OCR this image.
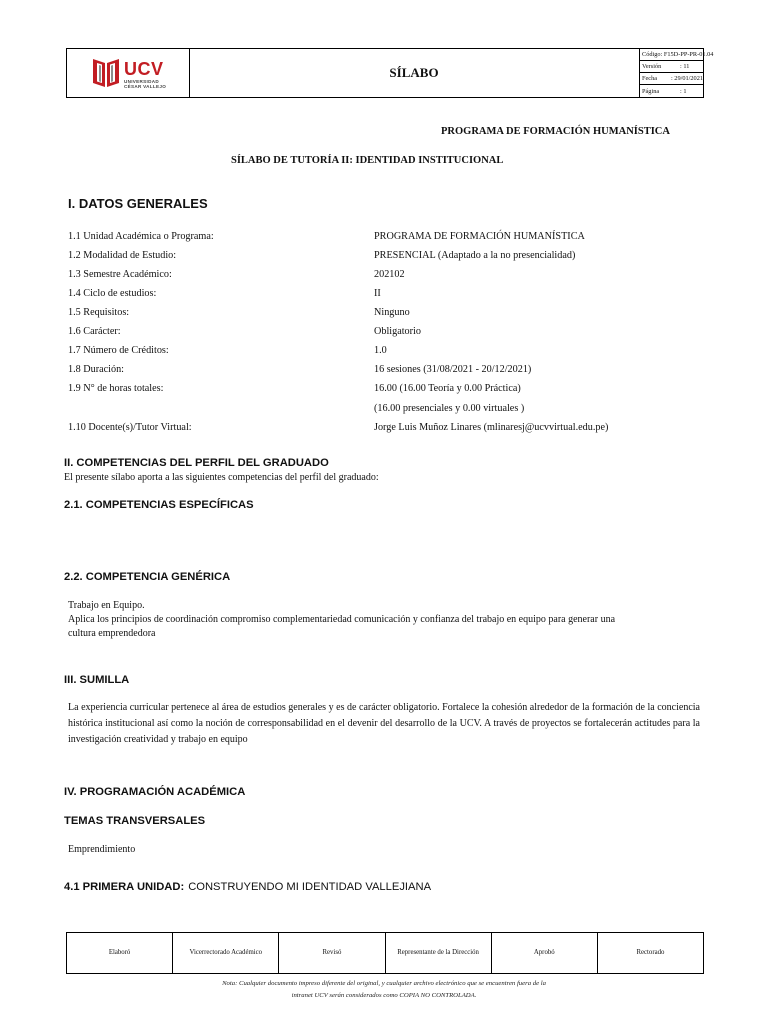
UCV
UNIVERSIDAD
CÉSAR VALLEJO
SÍLABO
Código : F15D-PP-PR-01.04
Versión	: 11
Fecha	: 29/01/2021
Página	: 1
PROGRAMA DE FORMACIÓN HUMANÍSTICA
SÍLABO DE TUTORÍA II: IDENTIDAD INSTITUCIONAL
I. DATOS GENERALES
1.1 Unidad Académica o Programa:	PROGRAMA DE FORMACIÓN HUMANÍSTICA
1.2 Modalidad de Estudio:	PRESENCIAL (Adaptado a la no presencialidad)
1.3 Semestre Académico:	202102
1.4 Ciclo de estudios:	II
1.5 Requisitos:	Ninguno
1.6 Carácter:	Obligatorio
1.7 Número de Créditos:	1.0
1.8 Duración:	16 sesiones (31/08/2021 - 20/12/2021)
1.9 N° de horas totales:	16.00 (16.00 Teoría y 0.00 Práctica)
(16.00 presenciales y 0.00 virtuales )
1.10 Docente(s)/Tutor Virtual:	Jorge Luis Muñoz Linares (mlinaresj@ucvvirtual.edu.pe)
II. COMPETENCIAS DEL PERFIL DEL GRADUADO
El presente sílabo aporta a las siguientes competencias del perfil del graduado:
2.1. COMPETENCIAS ESPECÍFICAS
2.2. COMPETENCIA GENÉRICA
Trabajo en Equipo.
Aplica los principios de coordinación compromiso complementariedad comunicación y confianza del trabajo en equipo para generar una
cultura emprendedora
III. SUMILLA
La experiencia curricular pertenece al área de estudios generales y es de carácter obligatorio. Fortalece la cohesión alrededor de la formación de la conciencia histórica institucional así como la noción de corresponsabilidad en el devenir del desarrollo de la UCV. A través de proyectos se fortalecerán actitudes para la investigación creatividad y trabajo en equipo
IV. PROGRAMACIÓN ACADÉMICA
TEMAS TRANSVERSALES
Emprendimiento
4.1 PRIMERA UNIDAD: CONSTRUYENDO MI IDENTIDAD VALLEJIANA
Elaboró	Vicerrectorado Académico	Revisó	Representante de la Dirección	Aprobó	Rectorado
Nota: Cualquier documento impreso diferente del original, y cualquier archivo electrónico que se encuentren fuera de la
intranet UCV serán considerados como COPIA NO CONTROLADA.
